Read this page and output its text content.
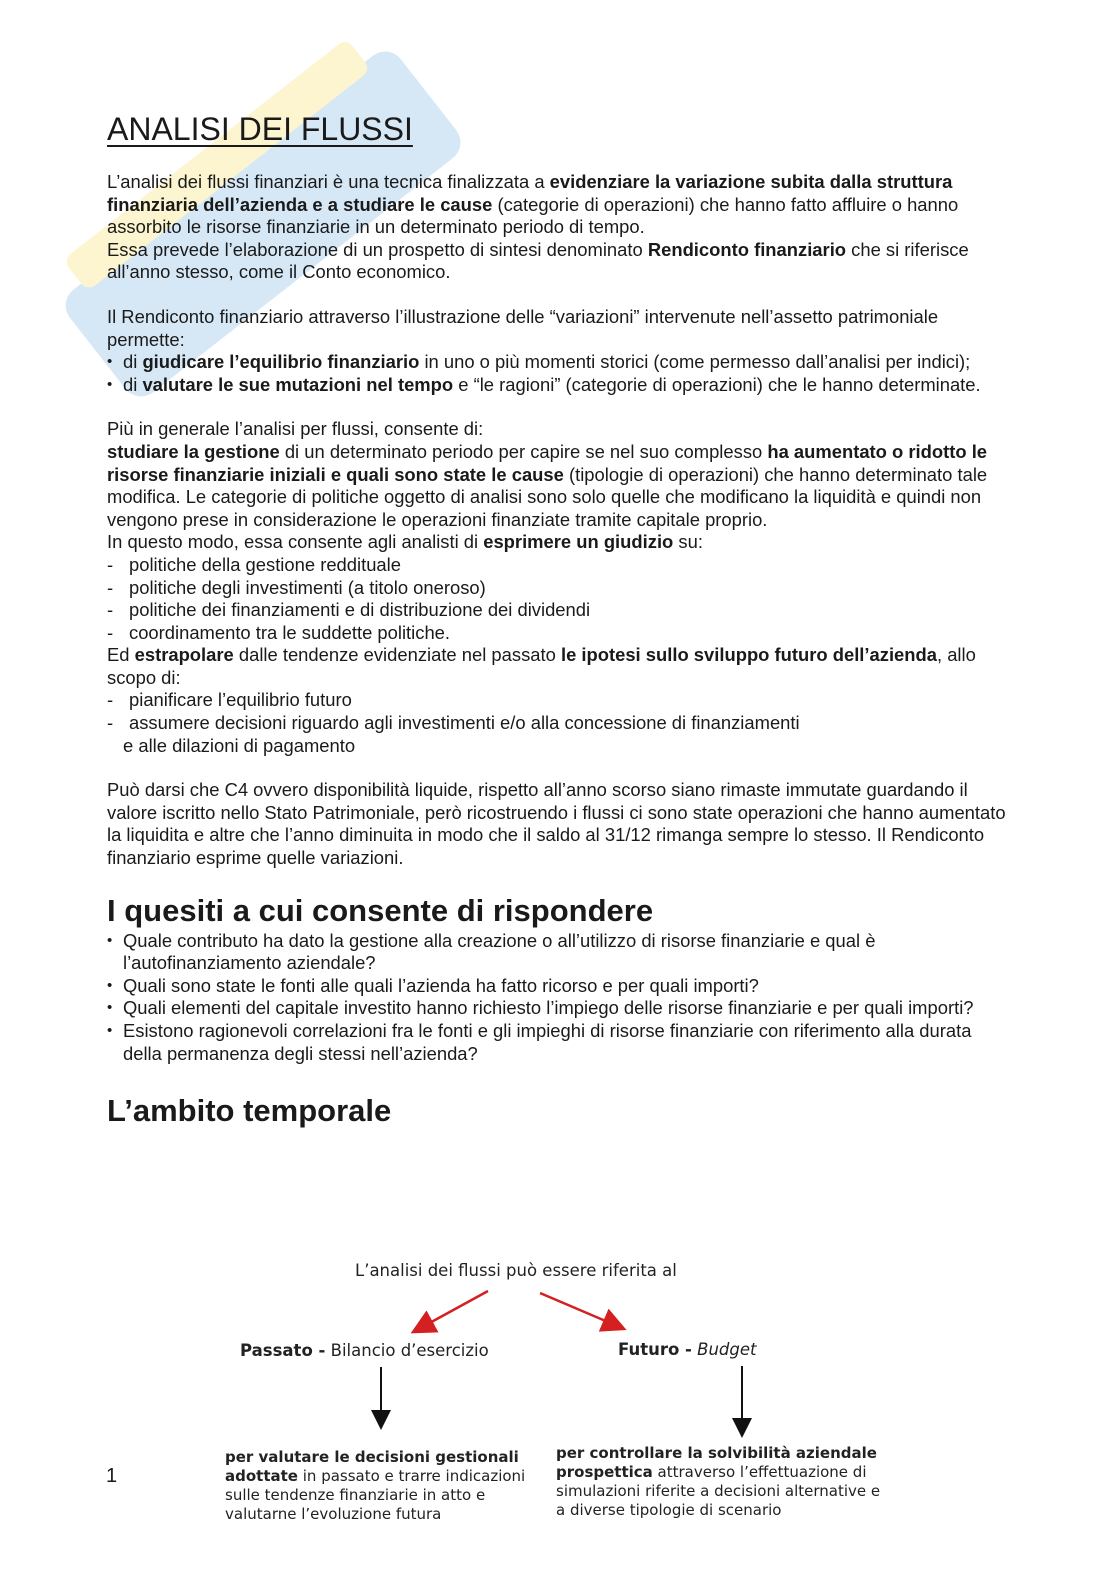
ANALISI DEI FLUSSI

L’analisi dei flussi finanziari è una tecnica finalizzata a evidenziare la variazione subita dalla struttura finanziaria dell’azienda e a studiare le cause (categorie di operazioni) che hanno fatto affluire o hanno assorbito le risorse finanziarie in un determinato periodo di tempo.

Essa prevede l’elaborazione di un prospetto di sintesi denominato Rendiconto finanziario che si riferisce all’anno stesso, come il Conto economico.

Il Rendiconto finanziario attraverso l’illustrazione delle “variazioni” intervenute nell’assetto patrimoniale permette:

• di giudicare l’equilibrio finanziario in uno o più momenti storici (come permesso dall’analisi per indici);
• di valutare le sue mutazioni nel tempo e “le ragioni” (categorie di operazioni) che le hanno determinate.

Più in generale l’analisi per flussi, consente di:

studiare la gestione di un determinato periodo per capire se nel suo complesso ha aumentato o ridotto le risorse finanziarie iniziali e quali sono state le cause (tipologie di operazioni) che hanno determinato tale modifica. Le categorie di politiche oggetto di analisi sono solo quelle che modificano la liquidità e quindi non vengono prese in considerazione le operazioni finanziate tramite capitale proprio.

In questo modo, essa consente agli analisti di esprimere un giudizio su:

- politiche della gestione reddituale
- politiche degli investimenti (a titolo oneroso)
- politiche dei finanziamenti e di distribuzione dei dividendi
- coordinamento tra le suddette politiche.

Ed estrapolare dalle tendenze evidenziate nel passato le ipotesi sullo sviluppo futuro dell’azienda, allo scopo di:

- pianificare l’equilibrio futuro
- assumere decisioni riguardo agli investimenti e/o alla concessione di finanziamenti

e alle dilazioni di pagamento

Può darsi che C4 ovvero disponibilità liquide, rispetto all’anno scorso siano rimaste immutate guardando il valore iscritto nello Stato Patrimoniale, però ricostruendo i flussi ci sono state operazioni che hanno aumentato la liquidita e altre che l’anno diminuita in modo che il saldo al 31/12 rimanga sempre lo stesso. Il Rendiconto finanziario esprime quelle variazioni.

I quesiti a cui consente di rispondere
• Quale contributo ha dato la gestione alla creazione o all’utilizzo di risorse finanziarie e qual è l’autofinanziamento aziendale?
• Quali sono state le fonti alle quali l’azienda ha fatto ricorso e per quali importi?
• Quali elementi del capitale investito hanno richiesto l’impiego delle risorse finanziarie e per quali importi?
• Esistono ragionevoli correlazioni fra le fonti e gli impieghi di risorse finanziarie con riferimento alla durata della permanenza degli stessi nell’azienda?
L’ambito temporale
L’analisi dei flussi può essere riferita al
Passato - Bilancio d’esercizio	Futuro - Budget
per valutare le decisioni gestionali adottate in passato e trarre indicazioni sulle tendenze finanziarie in atto e valutarne l’evoluzione futura
per controllare la solvibilità aziendale prospettica attraverso l’effettuazione di simulazioni riferite a decisioni alternative e a diverse tipologie di scenario
1
